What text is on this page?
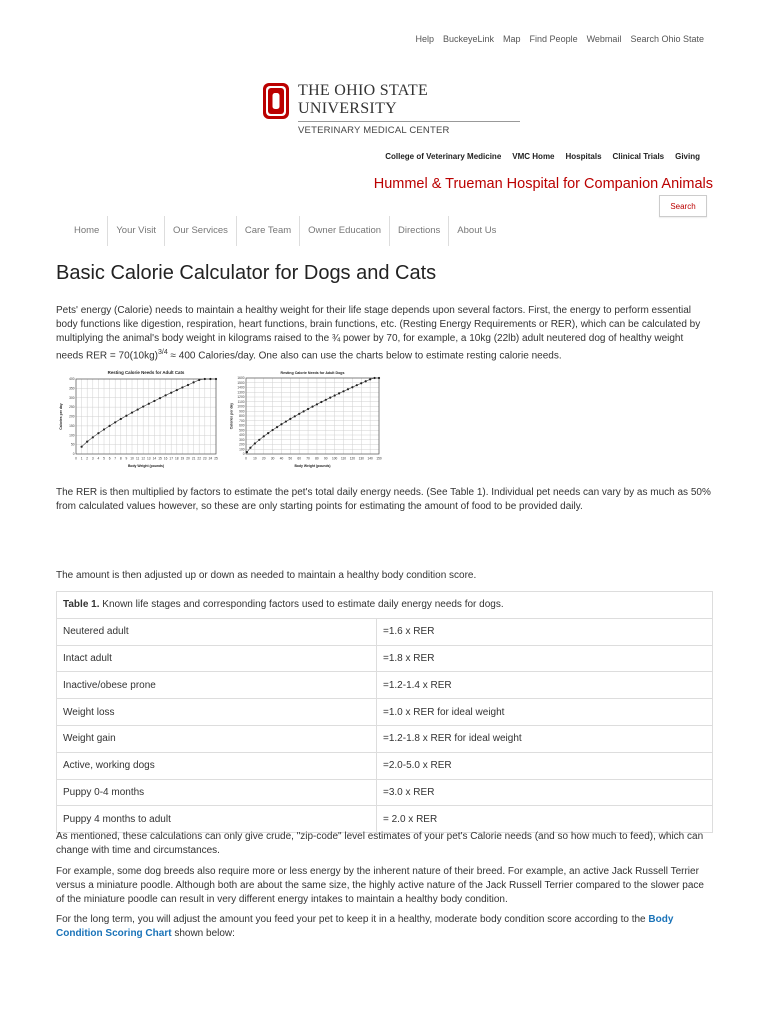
Help BuckeyeLink Map Find People Webmail Search Ohio State
THE OHIO STATE UNIVERSITY
VETERINARY MEDICAL CENTER
College of Veterinary Medicine VMC Home Hospitals Clinical Trials Giving
Hummel & Trueman Hospital for Companion Animals
Search
Home	Your Visit	Our Services	Care Team	Owner Education	Directions	About Us
Basic Calorie Calculator for Dogs and Cats

Pets' energy (Calorie) needs to maintain a healthy weight for their life stage depends upon several factors. First, the energy to perform essential body functions like digestion, respiration, heart functions, brain functions, etc. (Resting Energy Requirements or RER), which can be calculated by multiplying the animal's body weight in kilograms raised to the ¾ power by 70, for example, a 10kg (22lb) adult neutered dog of healthy weight needs RER = $70(10kg)^{3/4} \approx 400$ Calories/day. One also can use the charts below to estimate resting calorie needs.

0 1 2 3 4 5 6 7 8 9 10 11 12 13 14 15 16 17 18 19 20 21 22 23 24 25
0
50
100
150
200
250
300
350
400
Resting Calorie Needs for Adult Cats
Body Weight (pounds)
Calories per day
0 10 20 30 40 50 60 70 80 90 100 110 120 130 140 150
0
100
200
300
400
500
600
700
800
900
1000
1100
1200
1300
1400
1500
1600
Resting Calorie Needs for Adult Dogs
Body Weight (pounds)
Calories per day

The RER is then multiplied by factors to estimate the pet's total daily energy needs. (See Table 1). Individual pet needs can vary by as much as 50% from calculated values however, so these are only starting points for estimating the amount of food to be provided daily.

The amount is then adjusted up or down as needed to maintain a healthy body condition score.

Table 1. Known life stages and corresponding factors used to estimate daily energy needs for dogs.	
Neutered adult	=1.6 x RER
Intact adult	=1.8 x RER
Inactive/obese prone	=1.2-1.4 x RER
Weight loss	=1.0 x RER for ideal weight
Weight gain	=1.2-1.8 x RER for ideal weight
Active, working dogs	=2.0-5.0 x RER
Puppy 0-4 months	=3.0 x RER
Puppy 4 months to adult	= 2.0 x RER

As mentioned, these calculations can only give crude, "zip-code" level estimates of your pet's Calorie needs (and so how much to feed), which can change with time and circumstances.

For example, some dog breeds also require more or less energy by the inherent nature of their breed. For example, an active Jack Russell Terrier versus a miniature poodle. Although both are about the same size, the highly active nature of the Jack Russell Terrier compared to the slower pace of the miniature poodle can result in very different energy intakes to maintain a healthy body condition.

For the long term, you will adjust the amount you feed your pet to keep it in a healthy, moderate body condition score according to the Body Condition Scoring Chart shown below:
